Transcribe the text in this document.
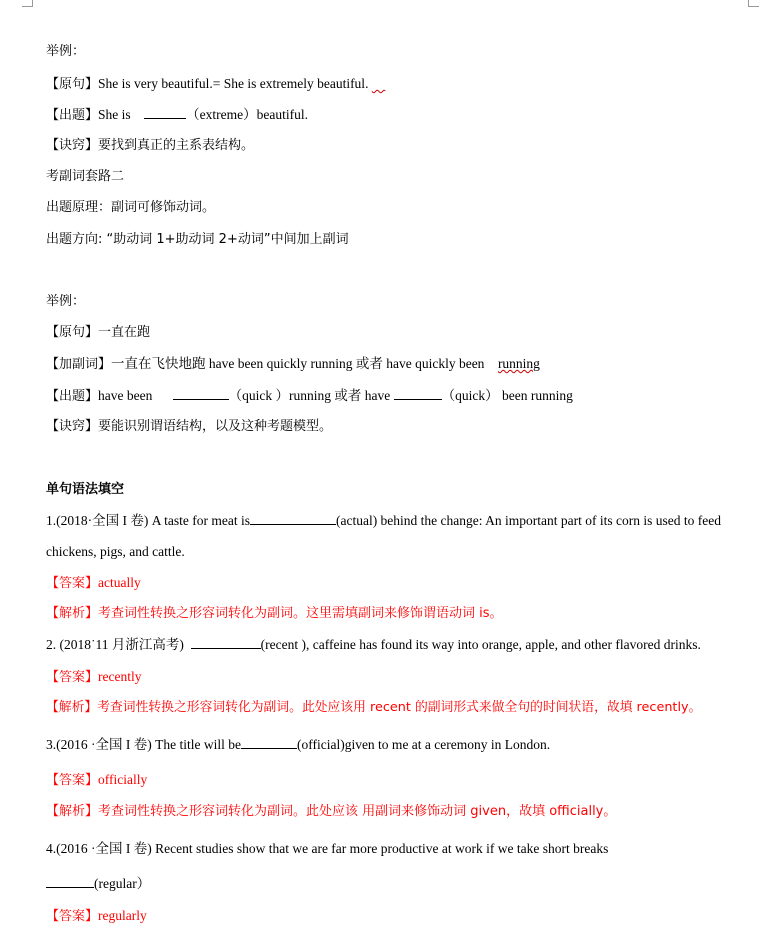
举例：
【原句】She is very beautiful.= She is extremely beautiful.
【出题】She is	（extreme）beautiful.
【诀窍】要找到真正的主系表结构。
考副词套路二
出题原理：副词可修饰动词。
出题方向: “助动词 1+助动词 2+动词”中间加上副词
举例：
【原句】一直在跑
【加副词】一直在飞快地跑 have been quickly running 或者 have quickly been running
【出题】have been	（quick ）running 或者 have	（quick） been running
【诀窍】要能识别谓语结构，以及这种考题模型。
单句语法填空
1.(2018·全国 I 卷) A taste for meat is	(actual) behind the change: An important part of its corn is used to feed
chickens, pigs, and cattle.
【答案】actually
【解析】考查词性转换之形容词转化为副词。这里需填副词来修饰谓语动词 is。
2. (2018˙11 月浙江高考)	(recent ), caffeine has found its way into orange, apple, and other flavored drinks.
【答案】recently
【解析】考查词性转换之形容词转化为副词。此处应该用 recent 的副词形式来做全句的时间状语，故填 recently。
3.(2016 ·全国 I 卷) The title will be	(official)given to me at a ceremony in London.
【答案】officially
【解析】考查词性转换之形容词转化为副词。此处应该 用副词来修饰动词 given，故填 officially。
4.(2016 ·全国 I 卷) Recent studies show that we are far more productive at work if we take short breaks
(regular）
【答案】regularly
